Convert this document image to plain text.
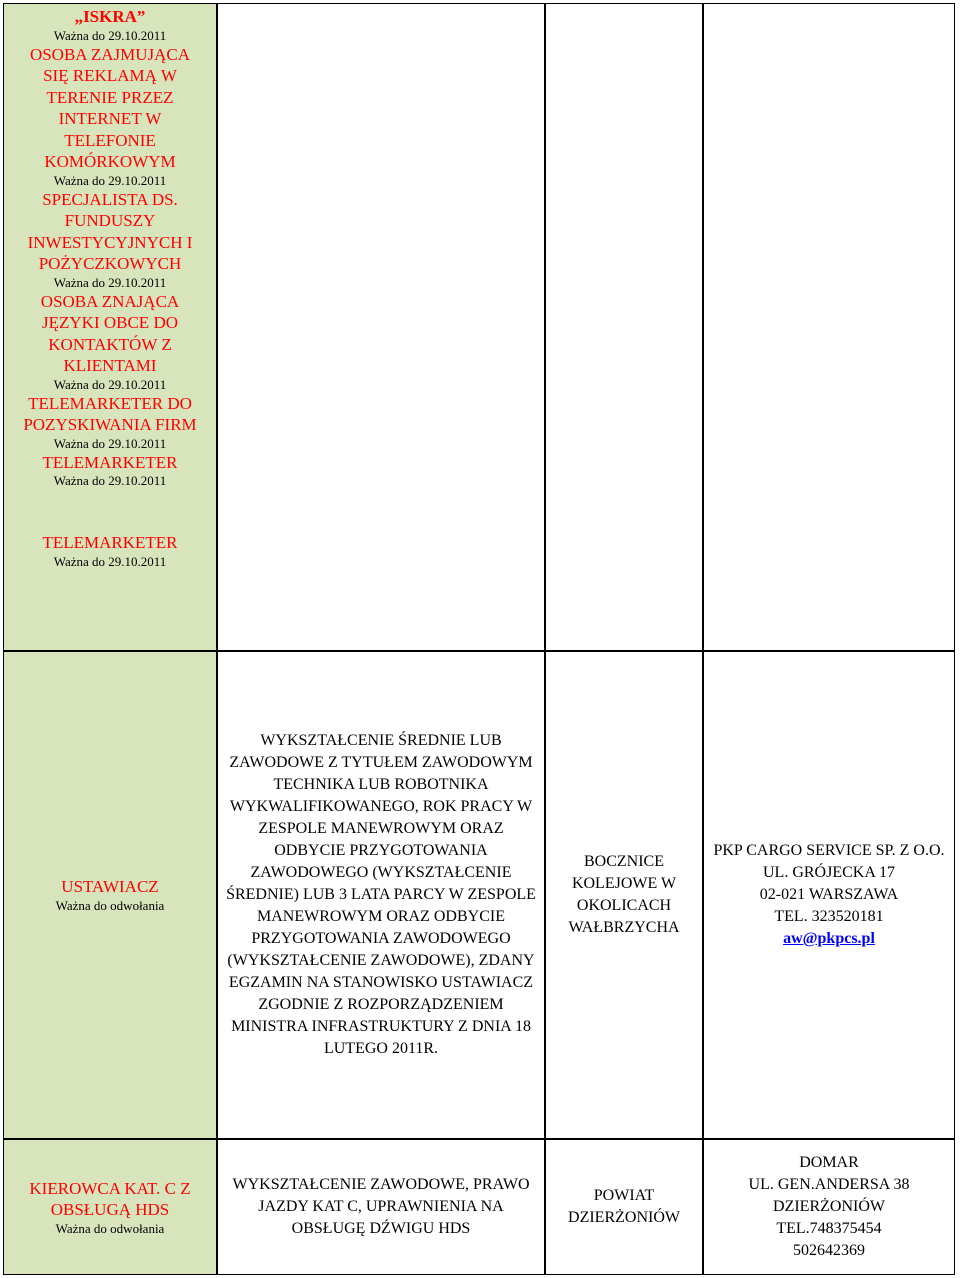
„ISKRA”
Ważna do 29.10.2011
OSOBA ZAJMUJĄCA SIĘ REKLAMĄ W TERENIE PRZEZ INTERNET W TELEFONIE KOMÓRKOWYM
Ważna do 29.10.2011
SPECJALISTA DS. FUNDUSZY INWESTYCYJNYCH I POŻYCZKOWYCH
Ważna do 29.10.2011
OSOBA ZNAJĄCA JĘZYKI OBCE DO KONTAKTÓW Z KLIENTAMI
Ważna do 29.10.2011
TELEMARKETER DO POZYSKIWANIA FIRM
Ważna do 29.10.2011
TELEMARKETER
Ważna do 29.10.2011
TELEMARKETER
Ważna do 29.10.2011
USTAWIACZ
Ważna do odwołania
WYKSZTAŁCENIE ŚREDNIE LUB ZAWODOWE Z TYTUŁEM ZAWODOWYM TECHNIKA LUB ROBOTNIKA WYKWALIFIKOWANEGO, ROK PRACY W ZESPOLE MANEWROWYM ORAZ ODBYCIE PRZYGOTOWANIA ZAWODOWEGO (WYKSZTAŁCENIE ŚREDNIE) LUB 3 LATA PARCY W ZESPOLE MANEWROWYM ORAZ ODBYCIE PRZYGOTOWANIA ZAWODOWEGO (WYKSZTAŁCENIE ZAWODOWE), ZDANY EGZAMIN NA STANOWISKO USTAWIACZ ZGODNIE Z ROZPORZĄDZENIEM MINISTRA INFRASTRUKTURY Z DNIA 18 LUTEGO 2011R.
BOCZNICE KOLEJOWE W OKOLICACH WAŁBRZYCHA
PKP CARGO SERVICE SP. Z O.O.
UL. GRÓJECKA 17
02-021 WARSZAWA
TEL. 323520181
aw@pkpcs.pl
KIEROWCA KAT. C Z OBSŁUGĄ HDS
Ważna do odwołania
WYKSZTAŁCENIE ZAWODOWE, PRAWO JAZDY KAT C, UPRAWNIENIA NA OBSŁUGĘ DŹWIGU HDS
POWIAT DZIERŻONIÓW
DOMAR
UL. GEN.ANDERSA 38
DZIERŻONIÓW
TEL.748375454
502642369
